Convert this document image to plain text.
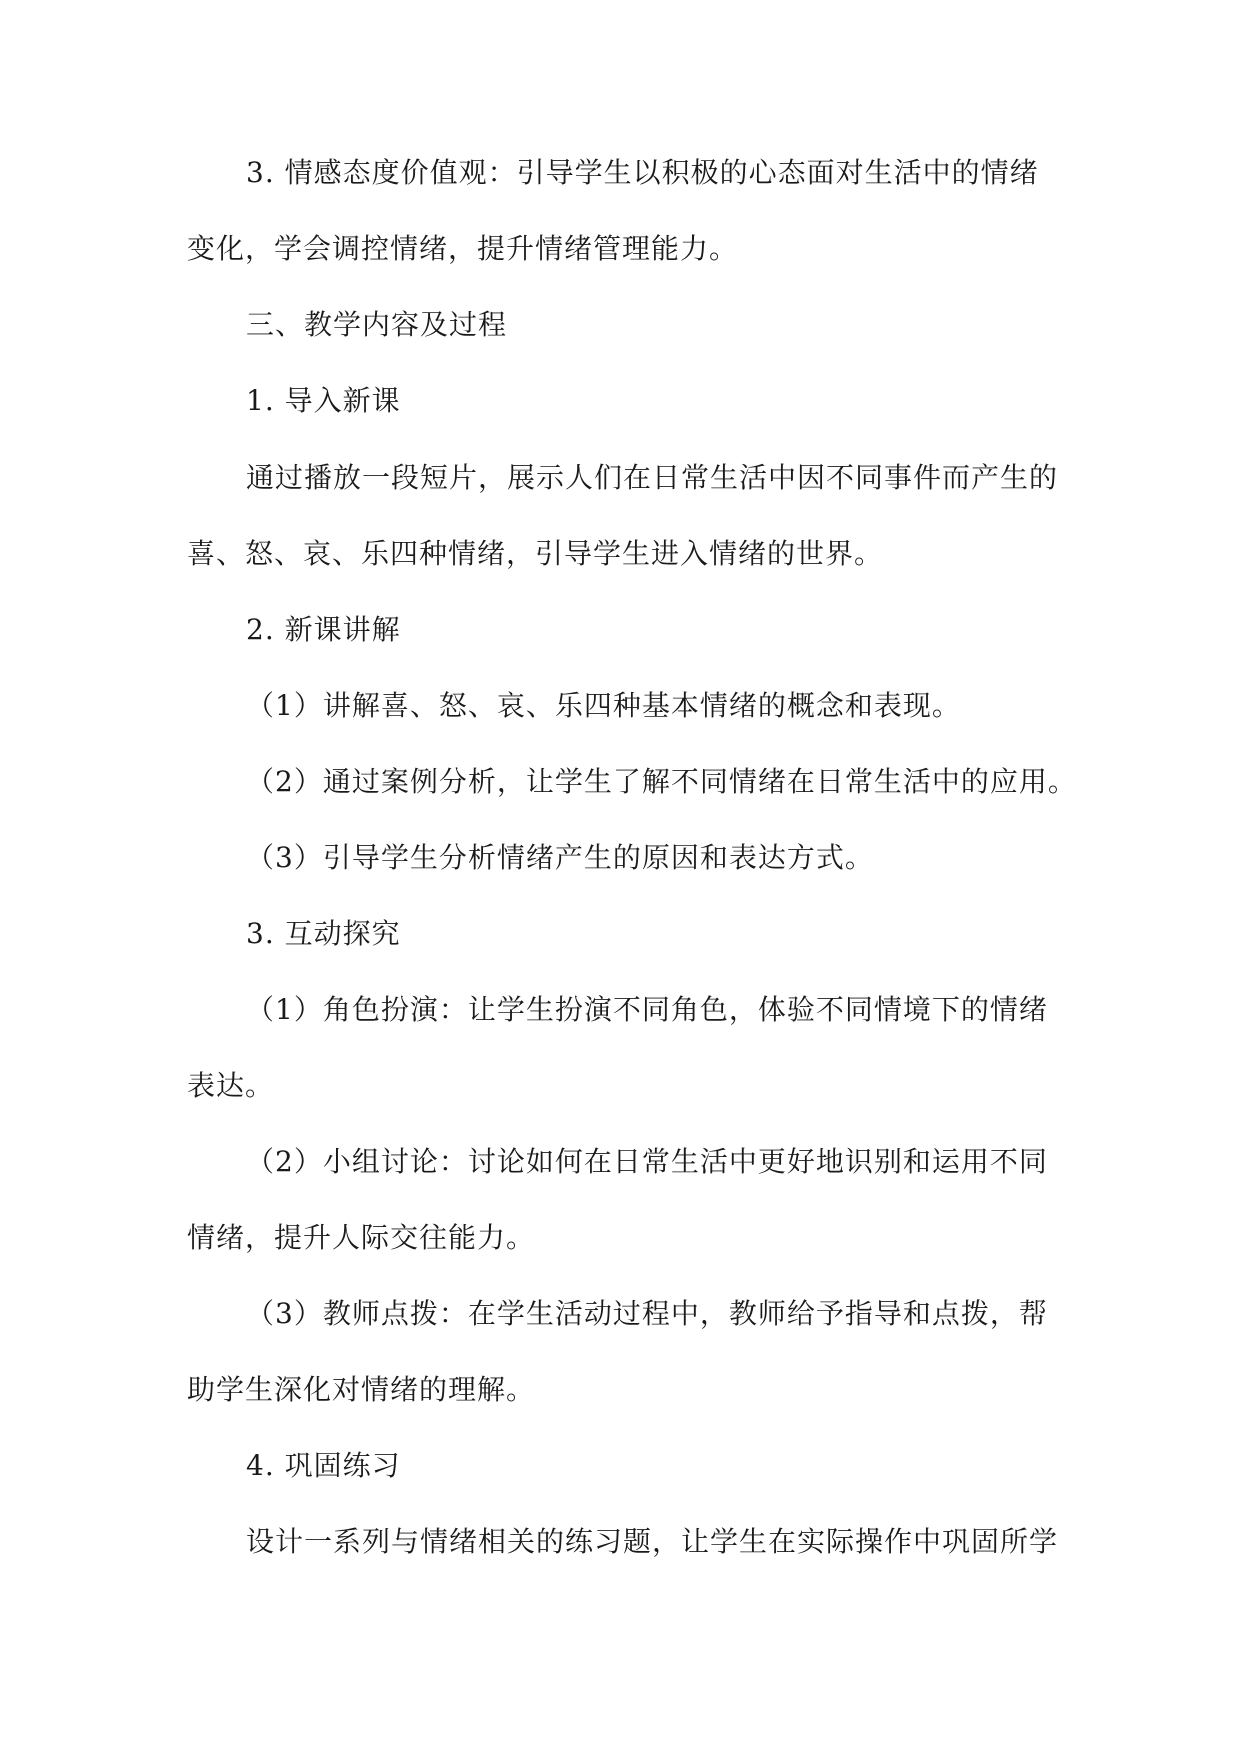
3. 情感态度价值观：引导学生以积极的心态面对生活中的情绪
变化，学会调控情绪，提升情绪管理能力。
三、教学内容及过程
1. 导入新课
通过播放一段短片，展示人们在日常生活中因不同事件而产生的
喜、怒、哀、乐四种情绪，引导学生进入情绪的世界。
2. 新课讲解
（1）讲解喜、怒、哀、乐四种基本情绪的概念和表现。
（2）通过案例分析，让学生了解不同情绪在日常生活中的应用。
（3）引导学生分析情绪产生的原因和表达方式。
3. 互动探究
（1）角色扮演：让学生扮演不同角色，体验不同情境下的情绪
表达。
（2）小组讨论：讨论如何在日常生活中更好地识别和运用不同
情绪，提升人际交往能力。
（3）教师点拨：在学生活动过程中，教师给予指导和点拨，帮
助学生深化对情绪的理解。
4. 巩固练习
设计一系列与情绪相关的练习题，让学生在实际操作中巩固所学
